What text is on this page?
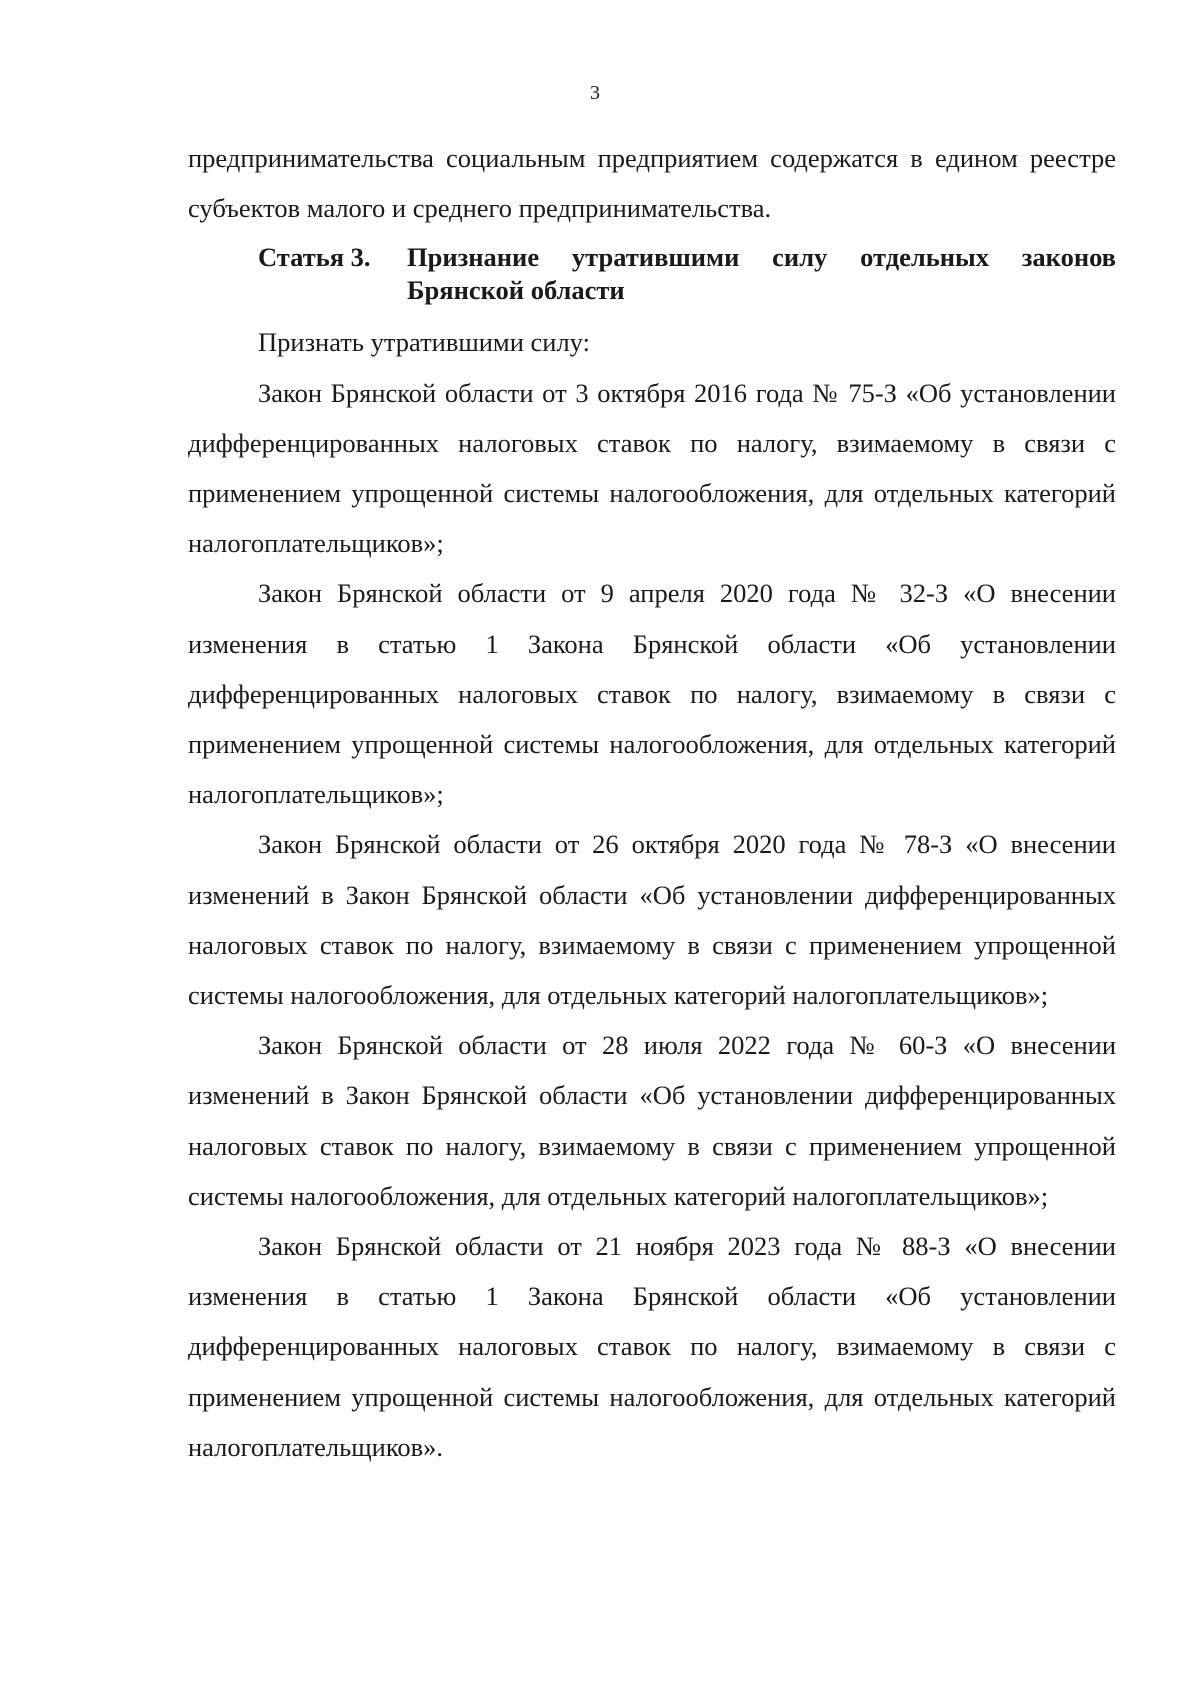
3

предпринимательства социальным предприятием содержатся в едином реестре субъектов малого и среднего предпринимательства.

Статья 3.	Признание утратившими силу отдельных законов
Брянской области

Признать утратившими силу:

Закон Брянской области от 3 октября 2016 года № 75-З «Об установлении дифференцированных налоговых ставок по налогу, взимаемому в связи с применением упрощенной системы налогообложения, для отдельных категорий налогоплательщиков»;

Закон Брянской области от 9 апреля 2020 года № 32-З «О внесении изменения в статью 1 Закона Брянской области «Об установлении дифференцированных налоговых ставок по налогу, взимаемому в связи с применением упрощенной системы налогообложения, для отдельных категорий налогоплательщиков»;

Закон Брянской области от 26 октября 2020 года № 78-З «О внесении изменений в Закон Брянской области «Об установлении дифференцированных налоговых ставок по налогу, взимаемому в связи с применением упрощенной системы налогообложения, для отдельных категорий налогоплательщиков»;

Закон Брянской области от 28 июля 2022 года № 60-З «О внесении изменений в Закон Брянской области «Об установлении дифференцированных налоговых ставок по налогу, взимаемому в связи с применением упрощенной системы налогообложения, для отдельных категорий налогоплательщиков»;

Закон Брянской области от 21 ноября 2023 года № 88-З «О внесении изменения в статью 1 Закона Брянской области «Об установлении дифференцированных налоговых ставок по налогу, взимаемому в связи с применением упрощенной системы налогообложения, для отдельных категорий налогоплательщиков».
